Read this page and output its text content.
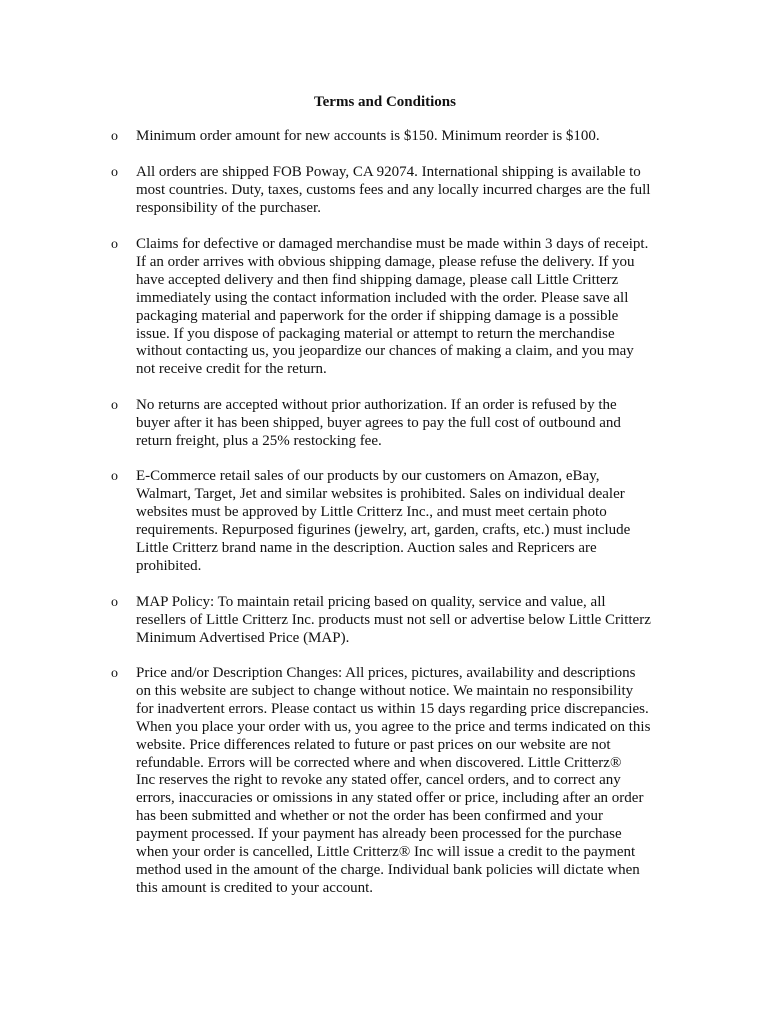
Terms and Conditions
o Minimum order amount for new accounts is $150. Minimum reorder is $100.
o All orders are shipped FOB Poway, CA 92074. International shipping is available to
most countries. Duty, taxes, customs fees and any locally incurred charges are the full
responsibility of the purchaser.
o Claims for defective or damaged merchandise must be made within 3 days of receipt.
If an order arrives with obvious shipping damage, please refuse the delivery. If you
have accepted delivery and then find shipping damage, please call Little Critterz
immediately using the contact information included with the order. Please save all
packaging material and paperwork for the order if shipping damage is a possible
issue. If you dispose of packaging material or attempt to return the merchandise
without contacting us, you jeopardize our chances of making a claim, and you may
not receive credit for the return.
o No returns are accepted without prior authorization. If an order is refused by the
buyer after it has been shipped, buyer agrees to pay the full cost of outbound and
return freight, plus a 25% restocking fee.
o E-Commerce retail sales of our products by our customers on Amazon, eBay,
Walmart, Target, Jet and similar websites is prohibited. Sales on individual dealer
websites must be approved by Little Critterz Inc., and must meet certain photo
requirements. Repurposed figurines (jewelry, art, garden, crafts, etc.) must include
Little Critterz brand name in the description. Auction sales and Repricers are
prohibited.
o MAP Policy: To maintain retail pricing based on quality, service and value, all
resellers of Little Critterz Inc. products must not sell or advertise below Little Critterz
Minimum Advertised Price (MAP).
o Price and/or Description Changes: All prices, pictures, availability and descriptions
on this website are subject to change without notice. We maintain no responsibility
for inadvertent errors. Please contact us within 15 days regarding price discrepancies.
When you place your order with us, you agree to the price and terms indicated on this
website. Price differences related to future or past prices on our website are not
refundable. Errors will be corrected where and when discovered. Little Critterz®
Inc reserves the right to revoke any stated offer, cancel orders, and to correct any
errors, inaccuracies or omissions in any stated offer or price, including after an order
has been submitted and whether or not the order has been confirmed and your
payment processed. If your payment has already been processed for the purchase
when your order is cancelled, Little Critterz® Inc will issue a credit to the payment
method used in the amount of the charge. Individual bank policies will dictate when
this amount is credited to your account.
